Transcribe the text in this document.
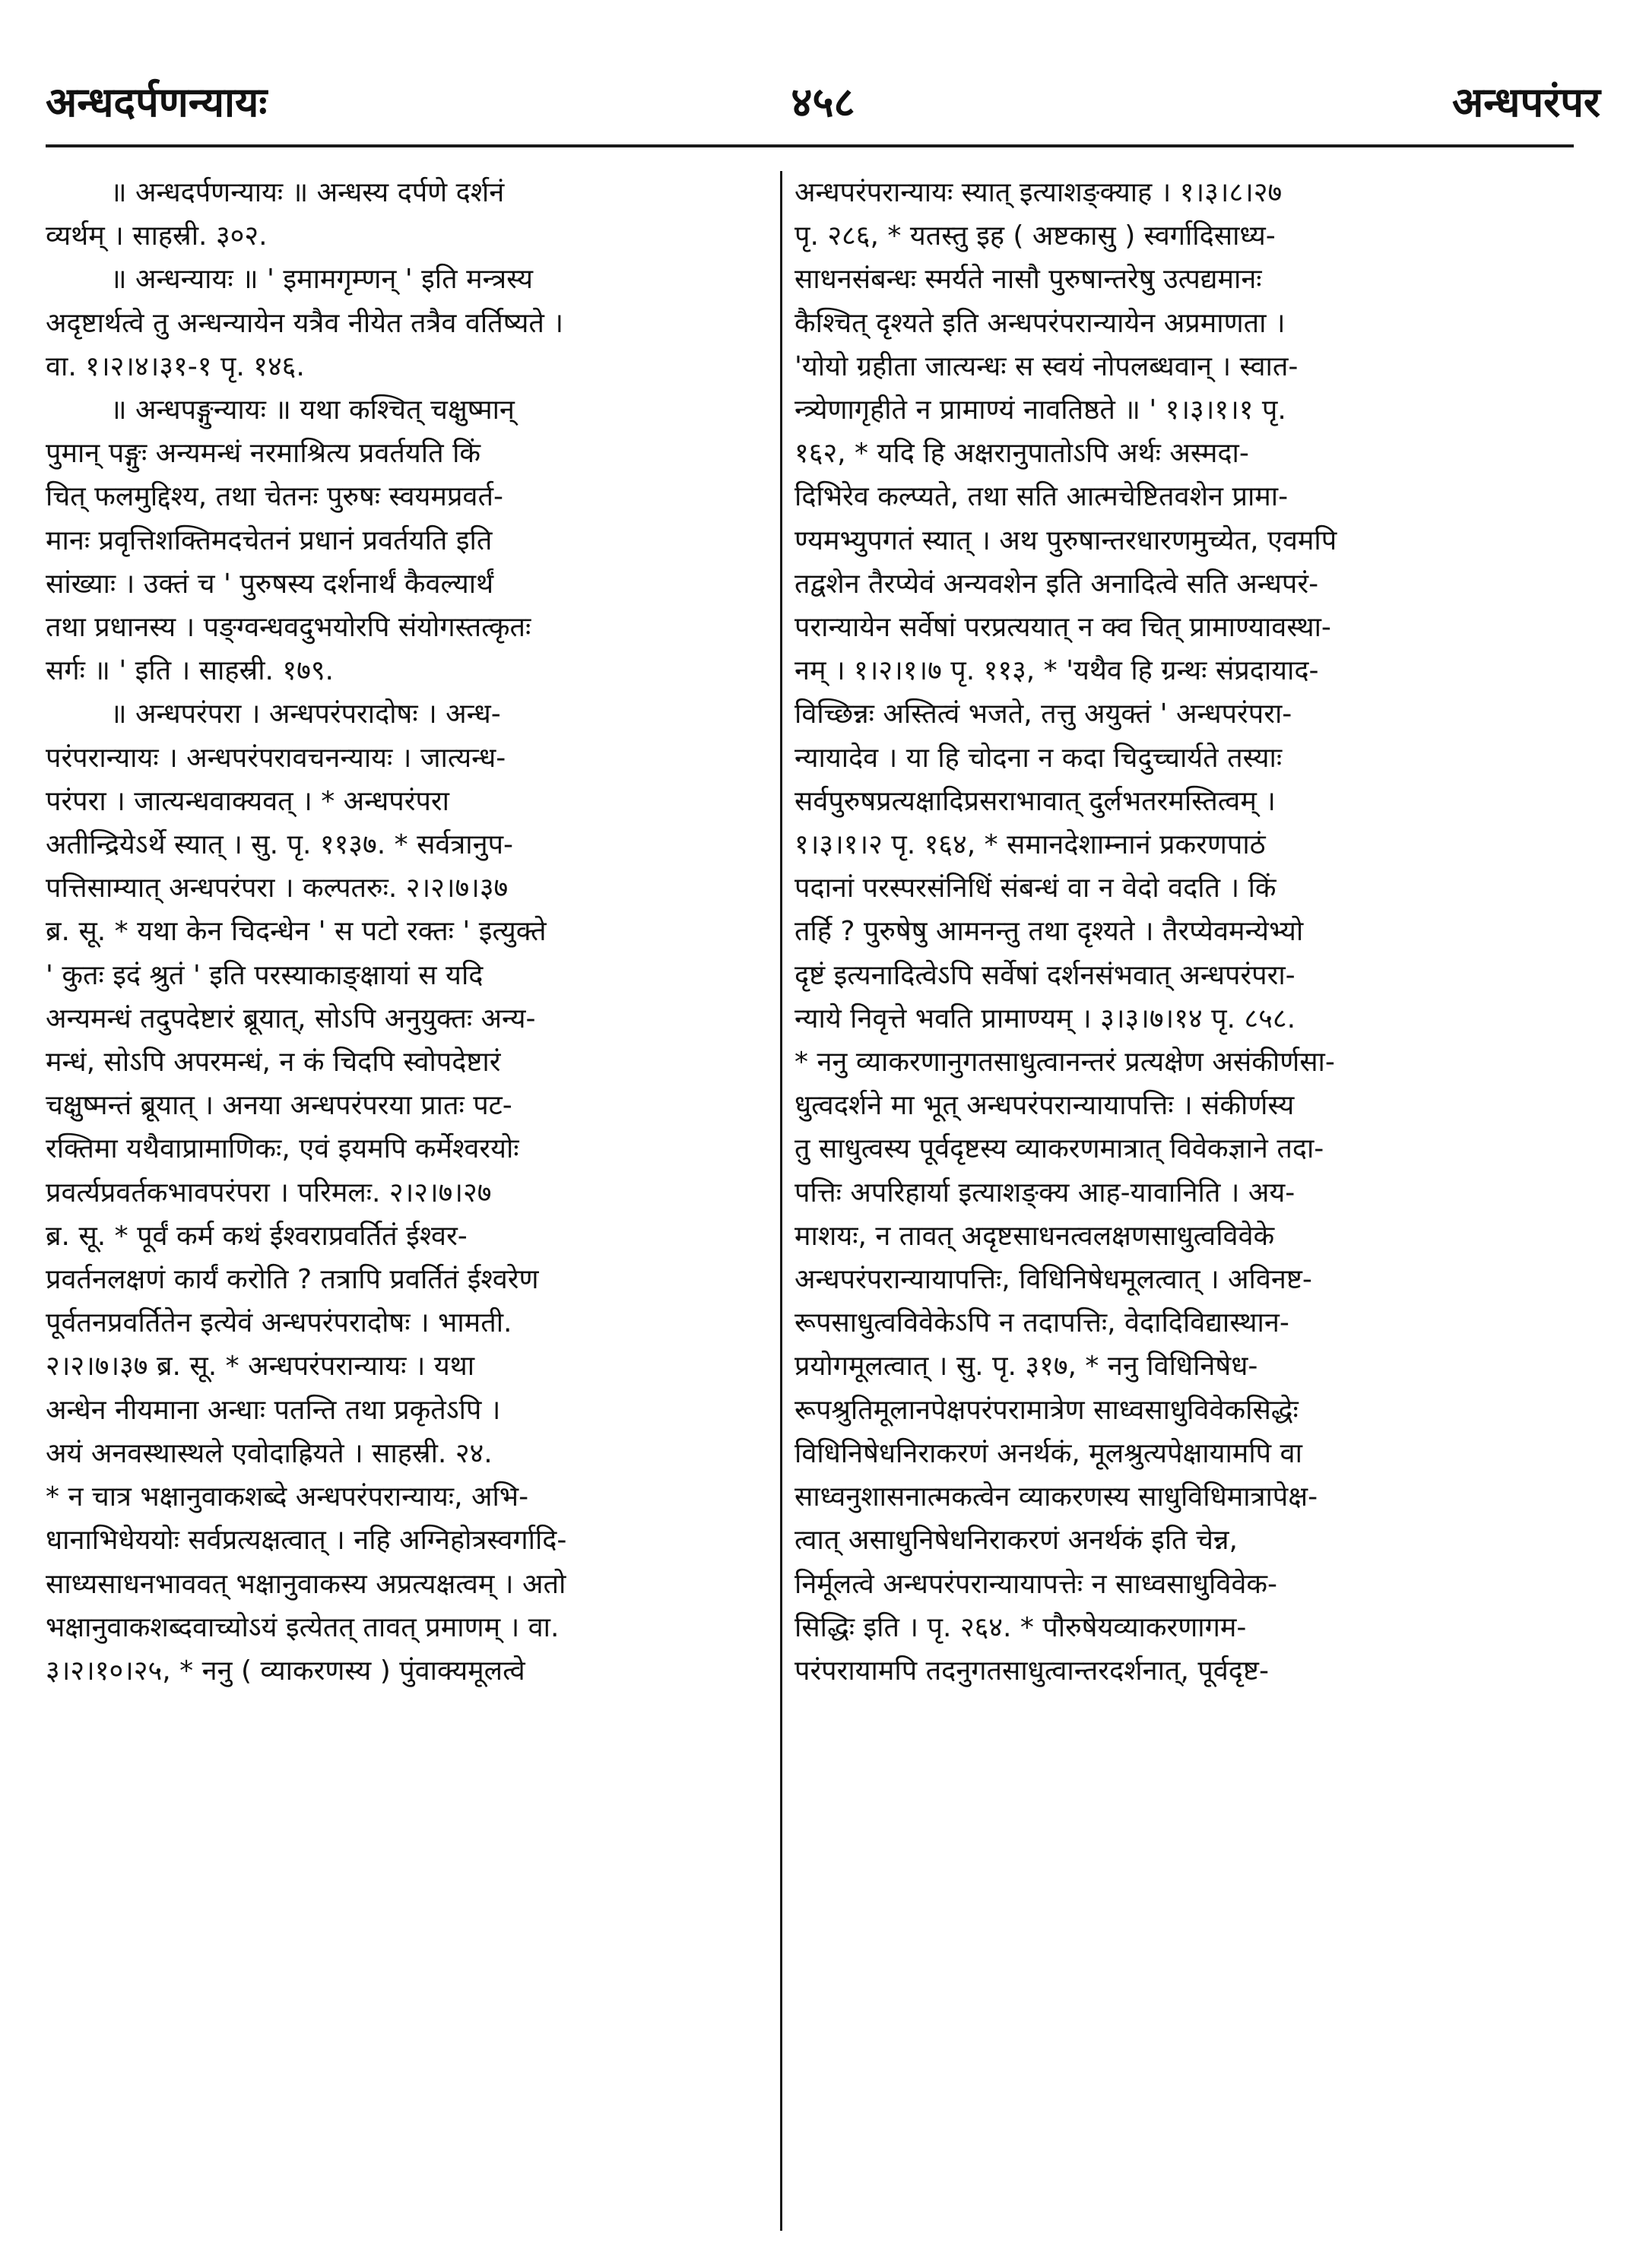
अन्धदर्पणन्यायः	४५८	अन्धपरंपर
॥ अन्धदर्पणन्यायः ॥ अन्धस्य दर्पणे दर्शनं
व्यर्थम् । साहस्री. ३०२.
॥ अन्धन्यायः ॥ ' इमामगृम्णन् ' इति मन्त्रस्य
अदृष्टार्थत्वे तु अन्धन्यायेन यत्रैव नीयेत तत्रैव वर्तिष्यते ।
वा. १।२।४।३१-१ पृ. १४६.
॥ अन्धपङ्गुन्यायः ॥ यथा कश्चित् चक्षुष्मान्
पुमान् पङ्गुः अन्यमन्धं नरमाश्रित्य प्रवर्तयति किं
चित् फलमुद्दिश्य, तथा चेतनः पुरुषः स्वयमप्रवर्त-
मानः प्रवृत्तिशक्तिमदचेतनं प्रधानं प्रवर्तयति इति
सांख्याः । उक्तं च ' पुरुषस्य दर्शनार्थं कैवल्यार्थं
तथा प्रधानस्य । पङ्ग्वन्धवदुभयोरपि संयोगस्तत्कृतः
सर्गः ॥ ' इति । साहस्री. १७९.
॥ अन्धपरंपरा । अन्धपरंपरादोषः । अन्ध-
परंपरान्यायः । अन्धपरंपरावचनन्यायः । जात्यन्ध-
परंपरा । जात्यन्धवाक्यवत् । * अन्धपरंपरा
अतीन्द्रियेऽर्थे स्यात् । सु. पृ. ११३७. * सर्वत्रानुप-
पत्तिसाम्यात् अन्धपरंपरा । कल्पतरुः. २।२।७।३७
ब्र. सू. * यथा केन चिदन्धेन ' स पटो रक्तः ' इत्युक्ते
' कुतः इदं श्रुतं ' इति परस्याकाङ्क्षायां स यदि
अन्यमन्धं तदुपदेष्टारं ब्रूयात्, सोऽपि अनुयुक्तः अन्य-
मन्धं, सोऽपि अपरमन्धं, न कं चिदपि स्वोपदेष्टारं
चक्षुष्मन्तं ब्रूयात् । अनया अन्धपरंपरया प्रातः पट-
रक्तिमा यथैवाप्रामाणिकः, एवं इयमपि कर्मेश्वरयोः
प्रवर्त्यप्रवर्तकभावपरंपरा । परिमलः. २।२।७।२७
ब्र. सू. * पूर्वं कर्म कथं ईश्वराप्रवर्तितं ईश्वर-
प्रवर्तनलक्षणं कार्यं करोति ? तत्रापि प्रवर्तितं ईश्वरेण
पूर्वतनप्रवर्तितेन इत्येवं अन्धपरंपरादोषः । भामती.
२।२।७।३७ ब्र. सू. * अन्धपरंपरान्यायः । यथा
अन्धेन नीयमाना अन्धाः पतन्ति तथा प्रकृतेऽपि ।
अयं अनवस्थास्थले एवोदाह्रियते । साहस्री. २४.
* न चात्र भक्षानुवाकशब्दे अन्धपरंपरान्यायः, अभि-
धानाभिधेययोः सर्वप्रत्यक्षत्वात् । नहि अग्निहोत्रस्वर्गादि-
साध्यसाधनभाववत् भक्षानुवाकस्य अप्रत्यक्षत्वम् । अतो
भक्षानुवाकशब्दवाच्योऽयं इत्येतत् तावत् प्रमाणम् । वा.
३।२।१०।२५, * ननु ( व्याकरणस्य ) पुंवाक्यमूलत्वे
अन्धपरंपरान्यायः स्यात् इत्याशङ्क्याह । १।३।८।२७
पृ. २८६, * यतस्तु इह ( अष्टकासु ) स्वर्गादिसाध्य-
साधनसंबन्धः स्मर्यते नासौ पुरुषान्तरेषु उत्पद्यमानः
कैश्चित् दृश्यते इति अन्धपरंपरान्यायेन अप्रमाणता ।
'योयो ग्रहीता जात्यन्धः स स्वयं नोपलब्धवान् । स्वात-
न्त्र्येणागृहीते न प्रामाण्यं नावतिष्ठते ॥ ' १।३।१।१ पृ.
१६२, * यदि हि अक्षरानुपातोऽपि अर्थः अस्मदा-
दिभिरेव कल्प्यते, तथा सति आत्मचेष्टितवशेन प्रामा-
ण्यमभ्युपगतं स्यात् । अथ पुरुषान्तरधारणमुच्येत, एवमपि
तद्वशेन तैरप्येवं अन्यवशेन इति अनादित्वे सति अन्धपरं-
परान्यायेन सर्वेषां परप्रत्ययात् न क्व चित् प्रामाण्यावस्था-
नम् । १।२।१।७ पृ. ११३, * 'यथैव हि ग्रन्थः संप्रदायाद-
विच्छिन्नः अस्तित्वं भजते, तत्तु अयुक्तं ' अन्धपरंपरा-
न्यायादेव । या हि चोदना न कदा चिदुच्चार्यते तस्याः
सर्वपुरुषप्रत्यक्षादिप्रसराभावात् दुर्लभतरमस्तित्वम् ।
१।३।१।२ पृ. १६४, * समानदेशाम्नानं प्रकरणपाठं
पदानां परस्परसंनिधिं संबन्धं वा न वेदो वदति । किं
तर्हि ? पुरुषेषु आमनन्तु तथा दृश्यते । तैरप्येवमन्येभ्यो
दृष्टं इत्यनादित्वेऽपि सर्वेषां दर्शनसंभवात् अन्धपरंपरा-
न्याये निवृत्ते भवति प्रामाण्यम् । ३।३।७।१४ पृ. ८५८.
* ननु व्याकरणानुगतसाधुत्वानन्तरं प्रत्यक्षेण असंकीर्णसा-
धुत्वदर्शने मा भूत् अन्धपरंपरान्यायापत्तिः । संकीर्णस्य
तु साधुत्वस्य पूर्वदृष्टस्य व्याकरणमात्रात् विवेकज्ञाने तदा-
पत्तिः अपरिहार्या इत्याशङ्क्य आह-यावानिति । अय-
माशयः, न तावत् अदृष्टसाधनत्वलक्षणसाधुत्वविवेके
अन्धपरंपरान्यायापत्तिः, विधिनिषेधमूलत्वात् । अविनष्ट-
रूपसाधुत्वविवेकेऽपि न तदापत्तिः, वेदादिविद्यास्थान-
प्रयोगमूलत्वात् । सु. पृ. ३१७, * ननु विधिनिषेध-
रूपश्रुतिमूलानपेक्षपरंपरामात्रेण साध्वसाधुविवेकसिद्धेः
विधिनिषेधनिराकरणं अनर्थकं, मूलश्रुत्यपेक्षायामपि वा
साध्वनुशासनात्मकत्वेन व्याकरणस्य साधुविधिमात्रापेक्ष-
त्वात् असाधुनिषेधनिराकरणं अनर्थकं इति चेन्न,
निर्मूलत्वे अन्धपरंपरान्यायापत्तेः न साध्वसाधुविवेक-
सिद्धिः इति । पृ. २६४. * पौरुषेयव्याकरणागम-
परंपरायामपि तदनुगतसाधुत्वान्तरदर्शनात्, पूर्वदृष्ट-
